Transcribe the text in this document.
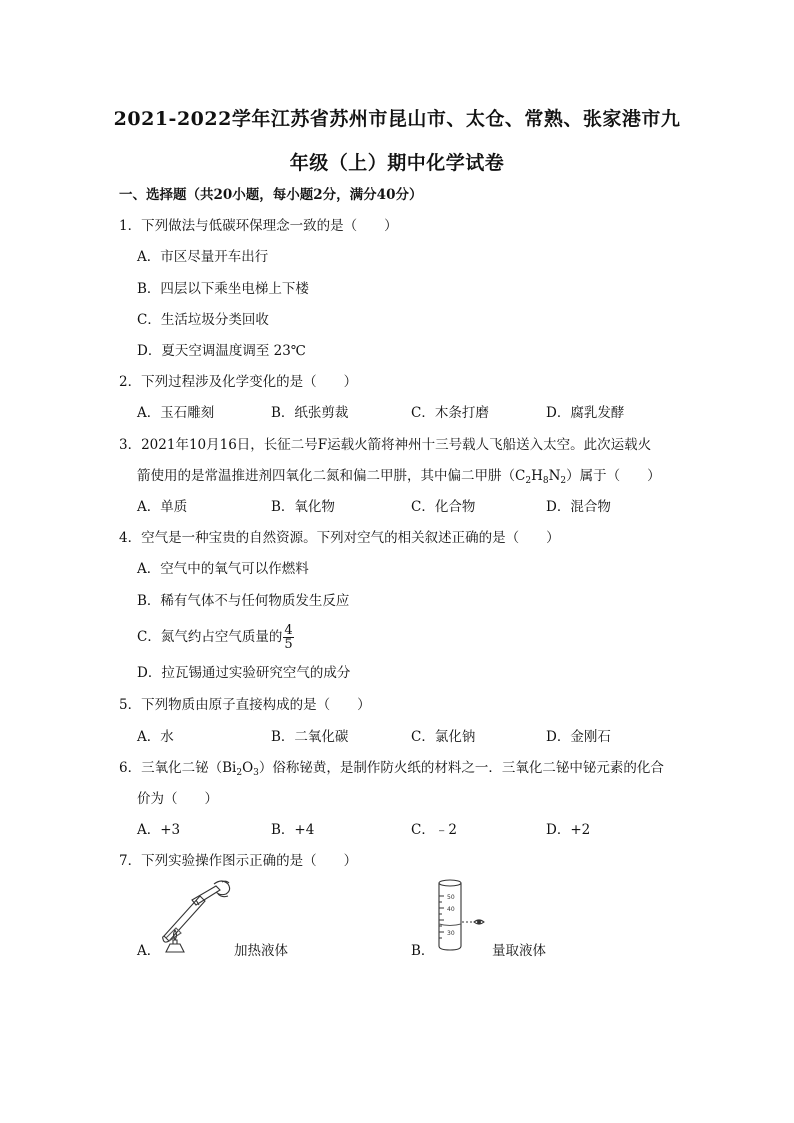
2021-2022学年江苏省苏州市昆山市、太仓、常熟、张家港市九
年级（上）期中化学试卷
一、选择题（共20小题，每小题2分，满分40分）
1．下列做法与低碳环保理念一致的是（　　）
A．市区尽量开车出行
B．四层以下乘坐电梯上下楼
C．生活垃圾分类回收
D．夏天空调温度调至 23℃
2．下列过程涉及化学变化的是（　　）
A．玉石雕刻	B．纸张剪裁	C．木条打磨	D．腐乳发酵
3．2021年10月16日，长征二号F运载火箭将神州十三号载人飞船送入太空。此次运载火
箭使用的是常温推进剂四氧化二氮和偏二甲肼，其中偏二甲肼$(C_2H_8N_2)$属于（　　）
A．单质	B．氧化物	C．化合物	D．混合物
4．空气是一种宝贵的自然资源。下列对空气的相关叙述正确的是（　　）
A．空气中的氧气可以作燃料
B．稀有气体不与任何物质发生反应
C．氮气约占空气质量的 $\frac{4}{5}$
D．拉瓦锡通过实验研究空气的成分
5．下列物质由原子直接构成的是（　　）
A．水	B．二氧化碳	C．氯化钠	D．金刚石
6．三氧化二铋$(Bi_2O_3)$俗称铋黄，是制作防火纸的材料之一．三氧化二铋中铋元素的化合
价为（　　）
A．+3	B．+4	C．﹣2	D．+2
7．下列实验操作图示正确的是（　　）
A．	加热液体	B．
50
40
30
量取液体
